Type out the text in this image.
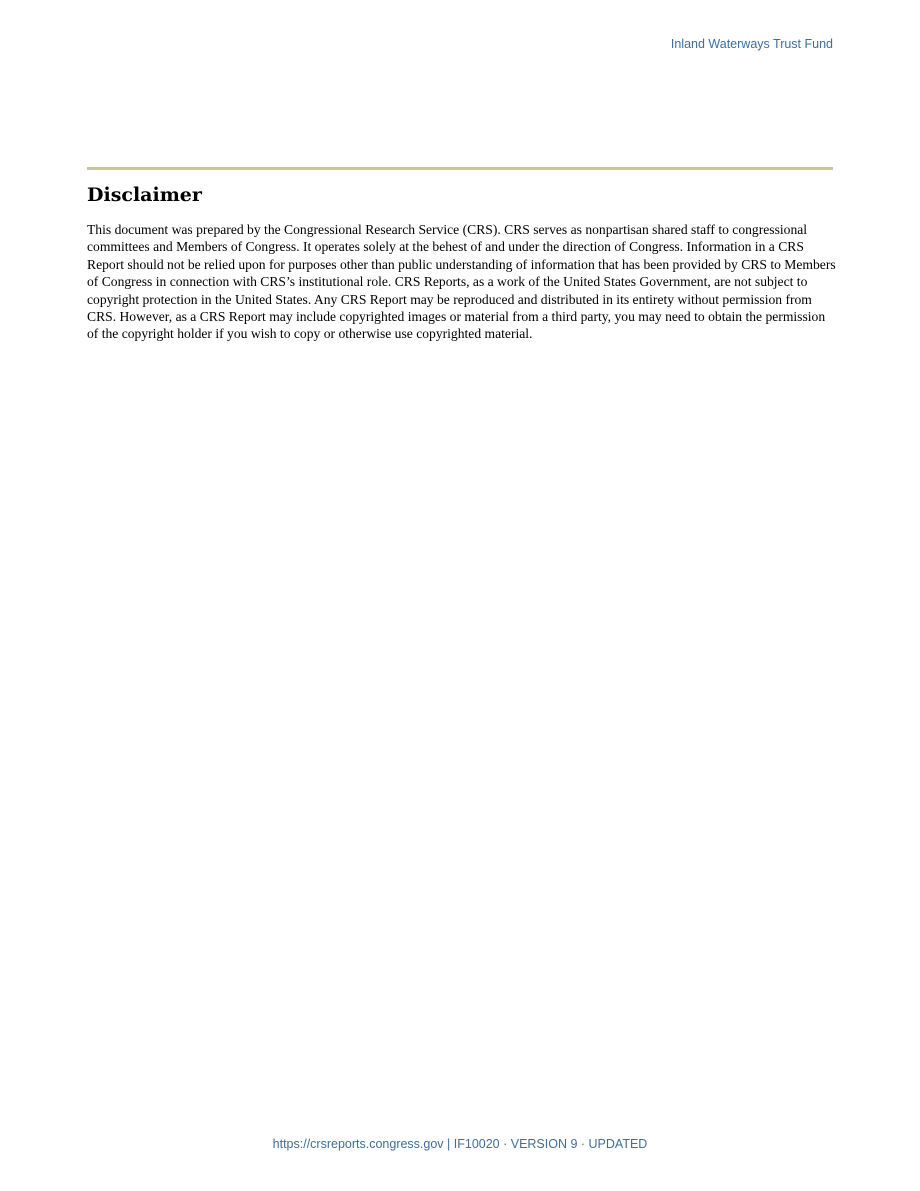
Inland Waterways Trust Fund
Disclaimer

This document was prepared by the Congressional Research Service (CRS). CRS serves as nonpartisan shared staff to congressional committees and Members of Congress. It operates solely at the behest of and under the direction of Congress. Information in a CRS Report should not be relied upon for purposes other than public understanding of information that has been provided by CRS to Members of Congress in connection with CRS’s institutional role. CRS Reports, as a work of the United States Government, are not subject to copyright protection in the United States. Any CRS Report may be reproduced and distributed in its entirety without permission from CRS. However, as a CRS Report may include copyrighted images or material from a third party, you may need to obtain the permission of the copyright holder if you wish to copy or otherwise use copyrighted material.

https://crsreports.congress.gov | IF10020 · VERSION 9 · UPDATED
